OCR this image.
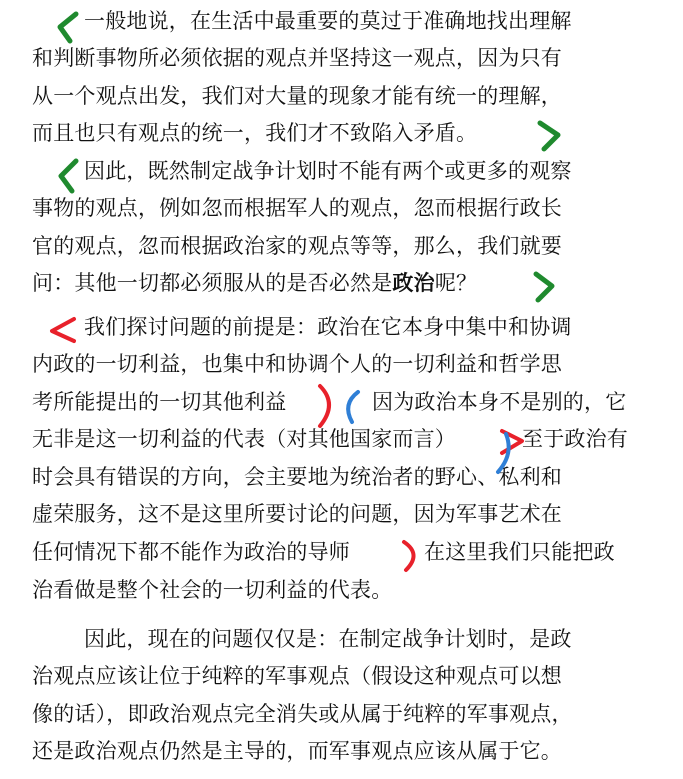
一般地说，在生活中最重要的莫过于准确地找出理解
和判断事物所必须依据的观点并坚持这一观点，因为只有
从一个观点出发，我们对大量的现象才能有统一的理解，
而且也只有观点的统一，我们才不致陷入矛盾。
因此，既然制定战争计划时不能有两个或更多的观察
事物的观点，例如忽而根据军人的观点，忽而根据行政长
官的观点，忽而根据政治家的观点等等，那么，我们就要
问：其他一切都必须服从的是否必然是政治呢？
我们探讨问题的前提是：政治在它本身中集中和协调
内政的一切利益，也集中和协调个人的一切利益和哲学思
考所能提出的一切其他利益	因为政治本身不是别的，它
无非是这一切利益的代表（对其他国家而言）	至于政治有
时会具有错误的方向，会主要地为统治者的野心、私利和
虚荣服务，这不是这里所要讨论的问题，因为军事艺术在
任何情况下都不能作为政治的导师	在这里我们只能把政
治看做是整个社会的一切利益的代表。
因此，现在的问题仅仅是：在制定战争计划时，是政
治观点应该让位于纯粹的军事观点（假设这种观点可以想
像的话），即政治观点完全消失或从属于纯粹的军事观点，
还是政治观点仍然是主导的，而军事观点应该从属于它。
